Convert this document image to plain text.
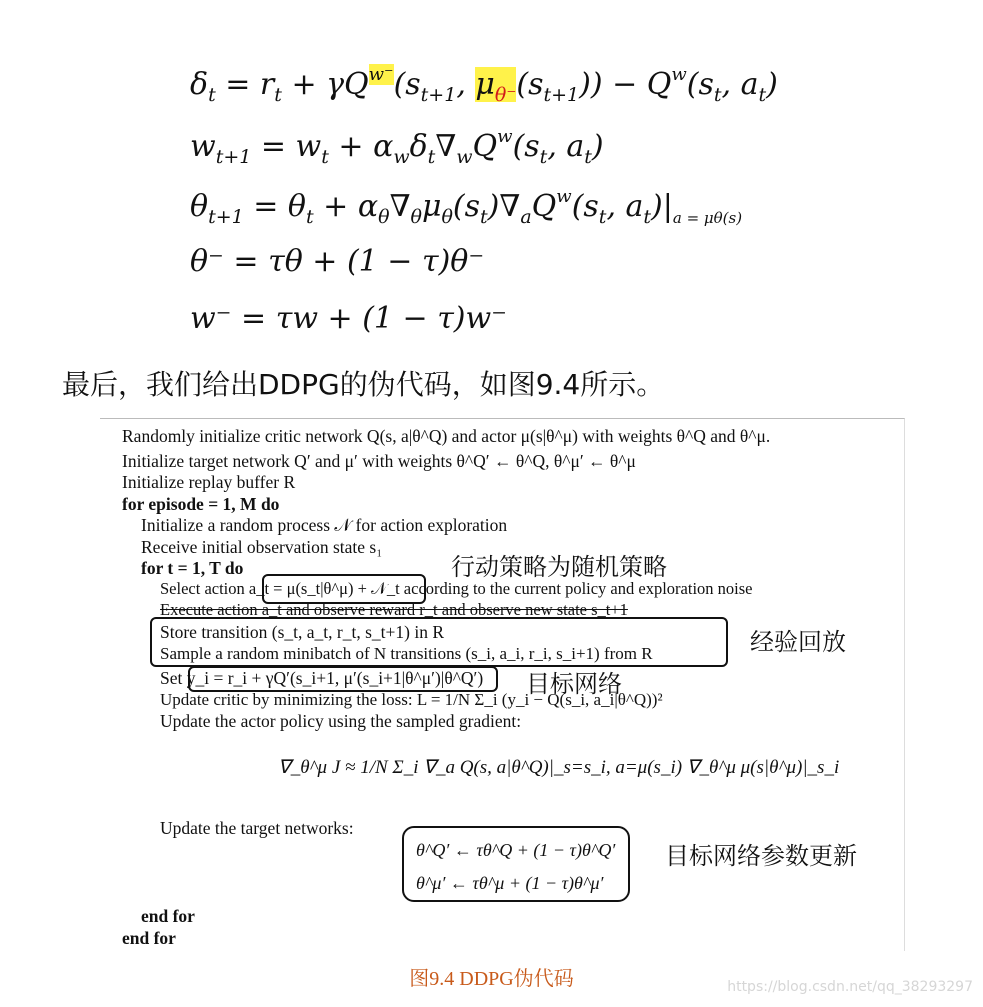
$\delta_t = r_t + \gamma Q^{w^-}(s_{t+1}$, $\mu_{\theta^-}(s_{t+1})) - Q^w(s_t$, $a_t$)
$w_{t+1} = w_t + \alpha_w\delta_t\nabla_wQ^w(s_t$, $a_t$)
$\theta_{t+1} = \theta_t + \alpha_\theta\nabla_\theta\mu_\theta(s_t)\nabla_aQ^w(s_t$, $a_t)|_{a = \mu\theta(s)}$
θ⁻ = τθ + (1 − τ)θ⁻
w⁻ = τw + (1 − τ)w⁻
最后，我们给出DDPG的伪代码，如图9.4所示。
Randomly initialize critic network Q(s, a|θ^Q) and actor μ(s|θ^μ) with weights θ^Q and θ^μ.
Initialize target network Q′ and μ′ with weights θ^Q′ ← θ^Q, θ^μ′ ← θ^μ
Initialize replay buffer R
for episode = 1, M do
Initialize a random process 𝒩 for action exploration
Receive initial observation state s₁
for t = 1, T do
Select action a_t = μ(s_t|θ^μ) + 𝒩_t according to the current policy and exploration noise
Execute action a_t and observe reward r_t and observe new state s_t+1
Store transition (s_t, a_t, r_t, s_t+1) in R
Sample a random minibatch of N transitions (s_i, a_i, r_i, s_i+1) from R
Set y_i = r_i + γQ′(s_i+1, μ′(s_i+1|θ^μ′)|θ^Q′)
Update critic by minimizing the loss: L = 1/N Σ_i (y_i − Q(s_i, a_i|θ^Q))²
Update the actor policy using the sampled gradient:
∇_θ^μ J ≈ 1/N Σ_i ∇_a Q(s, a|θ^Q)|_s=s_i, a=μ(s_i) ∇_θ^μ μ(s|θ^μ)|_s_i
Update the target networks:
θ^Q′ ← τθ^Q + (1 − τ)θ^Q′
θ^μ′ ← τθ^μ + (1 − τ)θ^μ′
end for
end for
行动策略为随机策略
经验回放
目标网络
目标网络参数更新
图9.4 DDPG伪代码	https://blog.csdn.net/qq_38293297
